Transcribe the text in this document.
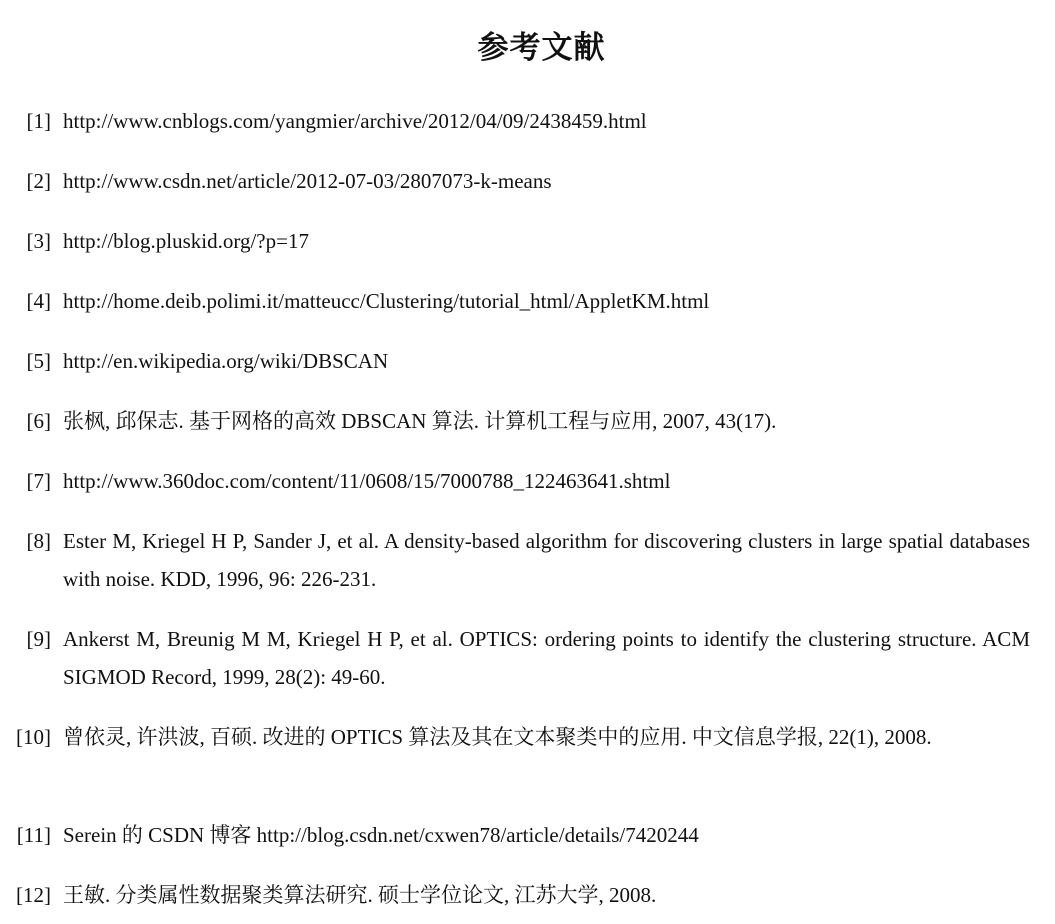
参考文献
[1] http://www.cnblogs.com/yangmier/archive/2012/04/09/2438459.html
[2] http://www.csdn.net/article/2012-07-03/2807073-k-means
[3] http://blog.pluskid.org/?p=17
[4] http://home.deib.polimi.it/matteucc/Clustering/tutorial_html/AppletKM.html
[5] http://en.wikipedia.org/wiki/DBSCAN
[6] 张枫, 邱保志. 基于网格的高效 DBSCAN 算法. 计算机工程与应用, 2007, 43(17).
[7] http://www.360doc.com/content/11/0608/15/7000788_122463641.shtml
[8] Ester M, Kriegel H P, Sander J, et al. A density-based algorithm for discovering clusters in large spatial databases with noise. KDD, 1996, 96: 226-231.
[9] Ankerst M, Breunig M M, Kriegel H P, et al. OPTICS: ordering points to identify the clustering structure. ACM SIGMOD Record, 1999, 28(2): 49-60.
[10] 曾依灵, 许洪波, 百硕. 改进的 OPTICS 算法及其在文本聚类中的应用. 中文信息学报, 22(1), 2008.
[11] Serein 的 CSDN 博客 http://blog.csdn.net/cxwen78/article/details/7420244
[12] 王敏. 分类属性数据聚类算法研究. 硕士学位论文, 江苏大学, 2008.
